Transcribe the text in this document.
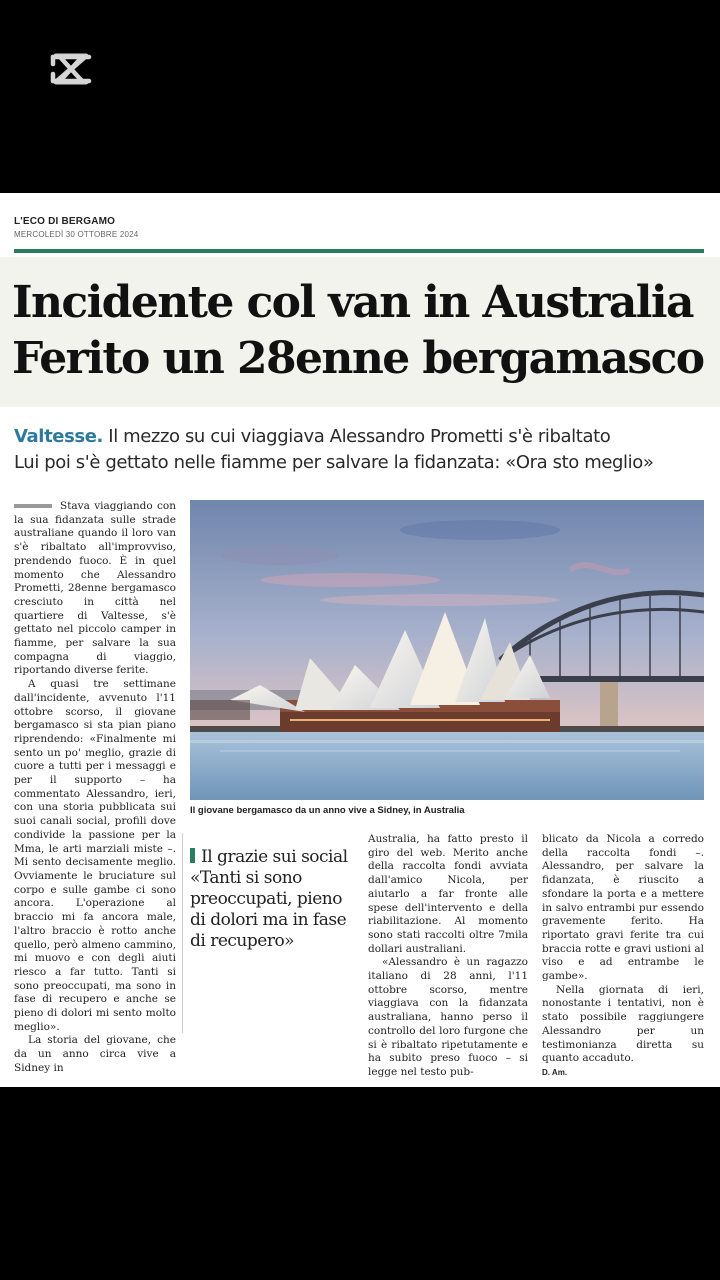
L'ECO DI BERGAMO
MERCOLEDÌ 30 OTTOBRE 2024
Incidente col van in Australia
Ferito un 28enne bergamasco
Valtesse. Il mezzo su cui viaggiava Alessandro Prometti s'è ribaltato
Lui poi s'è gettato nelle fiamme per salvare la fidanzata: «Ora sto meglio»

Stava viaggiando con la sua fidanzata sulle strade australiane quando il loro van s'è ribaltato all'improvviso, prendendo fuoco. È in quel momento che Alessandro Prometti, 28enne bergamasco cresciuto in città nel quartiere di Valtesse, s'è gettato nel piccolo camper in fiamme, per salvare la sua compagna di viaggio, riportando diverse ferite.

A quasi tre settimane dall'incidente, avvenuto l'11 ottobre scorso, il giovane bergamasco si sta pian piano riprendendo: «Finalmente mi sento un po' meglio, grazie di cuore a tutti per i messaggi e per il supporto – ha commentato Alessandro, ieri, con una storia pubblicata sui suoi canali social, profili dove condivide la passione per la Mma, le arti marziali miste –. Mi sento decisamente meglio. Ovviamente le bruciature sul corpo e sulle gambe ci sono ancora. L'operazione al braccio mi fa ancora male, l'altro braccio è rotto anche quello, però almeno cammino, mi muovo e con degli aiuti riesco a far tutto. Tanti si sono preoccupati, ma sono in fase di recupero e anche se pieno di dolori mi sento molto meglio».

La storia del giovane, che da un anno circa vive a Sidney in

Il giovane bergamasco da un anno vive a Sidney, in Australia
Il grazie sui social
«Tanti si sono preoccupati, pieno di dolori ma in fase di recupero»

Australia, ha fatto presto il giro del web. Merito anche della raccolta fondi avviata dall'amico Nicola, per aiutarlo a far fronte alle spese dell'intervento e della riabilitazione. Al momento sono stati raccolti oltre 7mila dollari australiani.

«Alessandro è un ragazzo italiano di 28 anni, l'11 ottobre scorso, mentre viaggiava con la fidanzata australiana, hanno perso il controllo del loro furgone che si è ribaltato ripetutamente e ha subito preso fuoco – si legge nel testo pub-

blicato da Nicola a corredo della raccolta fondi –. Alessandro, per salvare la fidanzata, è riuscito a sfondare la porta e a mettere in salvo entrambi pur essendo gravemente ferito. Ha riportato gravi ferite tra cui braccia rotte e gravi ustioni al viso e ad entrambe le gambe».

Nella giornata di ieri, nonostante i tentativi, non è stato possibile raggiungere Alessandro per un testimonianza diretta su quanto accaduto.

D. Am.
